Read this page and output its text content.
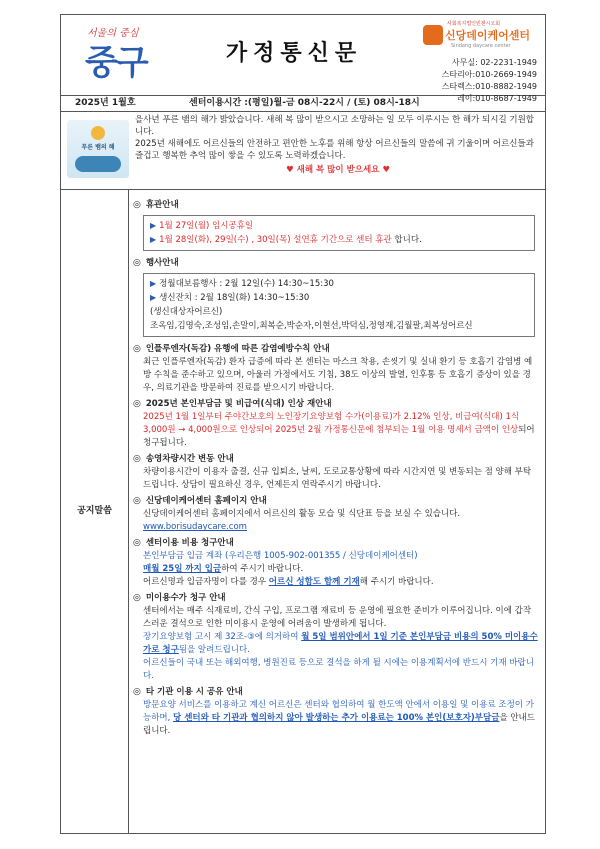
서울의 중심
중구	가정통신문
사회복지법인빈첸시오회
신당데이케어센터
Sindang daycare center
사무실: 02-2231-1949
스타리아:010-2669-1949
스타렉스:010-8882-1949
레이:010-8687-1949
2025년 1월호	센터이용시간 :(평일)월-금 08시-22시 / (토) 08시-18시
푸른 뱀의 해
을사년 푸른 뱀의 해가 밝았습니다. 새해 복 많이 받으시고 소망하는 일 모두 이루시는 한 해가 되시길 기원합니다.
2025년 새해에도 어르신들의 안전하고 편안한 노후를 위해 항상 어르신들의 말씀에 귀 기울이며 어르신들과 즐겁고 행복한 추억 많이 쌓을 수 있도록 노력하겠습니다.
♥ 새해 복 많이 받으세요 ♥
공지말씀
◎ 휴관안내
▶ 1월 27일(월) 임시공휴일
▶ 1월 28일(화), 29일(수) , 30일(목) 설연휴 기간으로 센터 휴관 합니다.
◎ 행사안내
▶ 정월대보름행사 : 2월 12일(수) 14:30~15:30
▶ 생신잔치 : 2월 18일(화) 14:30~15:30
(생신대상자어르신)
조옥임,김명숙,조성임,손말이,최복순,박순자,이현선,박덕심,정영재,김월팔,최복성어르신
◎ 인플루엔자(독감) 유행에 따른 감염예방수칙 안내
최근 인플루엔자(독감) 환자 급증에 따라 본 센터는 마스크 착용, 손씻기 및 실내 환기 등 호흡기 감염병 예방 수칙을 준수하고 있으며, 아울러 가정에서도 기침, 38도 이상의 발열, 인후통 등 호흡기 증상이 있을 경우, 의료기관을 방문하여 진료를 받으시기 바랍니다.
◎ 2025년 본인부담금 및 비급여(식대) 인상 재안내
2025년 1월 1일부터 주야간보호의 노인장기요양보험 수가(이용료)가 2.12% 인상, 비급여(식대) 1식 3,000원 → 4,000원으로 인상되어 2025년 2월 가정통신문에 첨부되는 1월 이용 명세서 금액이 인상되어 청구됩니다.
◎ 송영차량시간 변동 안내
차량이용시간이 이용자 출결, 신규 입퇴소, 날씨, 도로교통상황에 따라 시간지연 및 변동되는 점 양해 부탁드립니다. 상담이 필요하신 경우, 언제든지 연락주시기 바랍니다.
◎ 신당데이케어센터 홈페이지 안내
신당데이케어센터 홈페이지에서 어르신의 활동 모습 및 식단표 등을 보실 수 있습니다.
www.borisudaycare.com
◎ 센터이용 비용 청구안내
본인부담금 입금 계좌 (우리은행 1005-902-001355 / 신당데이케어센터)
매월 25일 까지 입금하여 주시기 바랍니다.
어르신명과 입금자명이 다를 경우 어르신 성함도 함께 기재해 주시기 바랍니다.
◎ 미이용수가 청구 안내
센터에서는 매주 식재료비, 간식 구입, 프로그램 재료비 등 운영에 필요한 준비가 이루어집니다. 이에 갑작스러운 결석으로 인한 미이용시 운영에 어려움이 발생하게 됩니다.
장기요양보험 고시 제 32조-③에 의거하여 월 5일 범위안에서 1일 기준 본인부담금 비용의 50% 미이용수가로 청구됨을 알려드립니다.
어르신들이 국내 또는 해외여행, 병원진료 등으로 결석을 하게 될 시에는 이용계획서에 반드시 기재 바랍니다.
◎ 타 기관 이용 시 공유 안내
방문요양 서비스를 이용하고 계신 어르신은 센터와 협의하여 월 한도액 안에서 이용일 및 이용료 조정이 가능하며, 당 센터와 타 기관과 협의하지 않아 발생하는 추가 이용료는 100% 본인(보호자)부담금을 안내드립니다.
